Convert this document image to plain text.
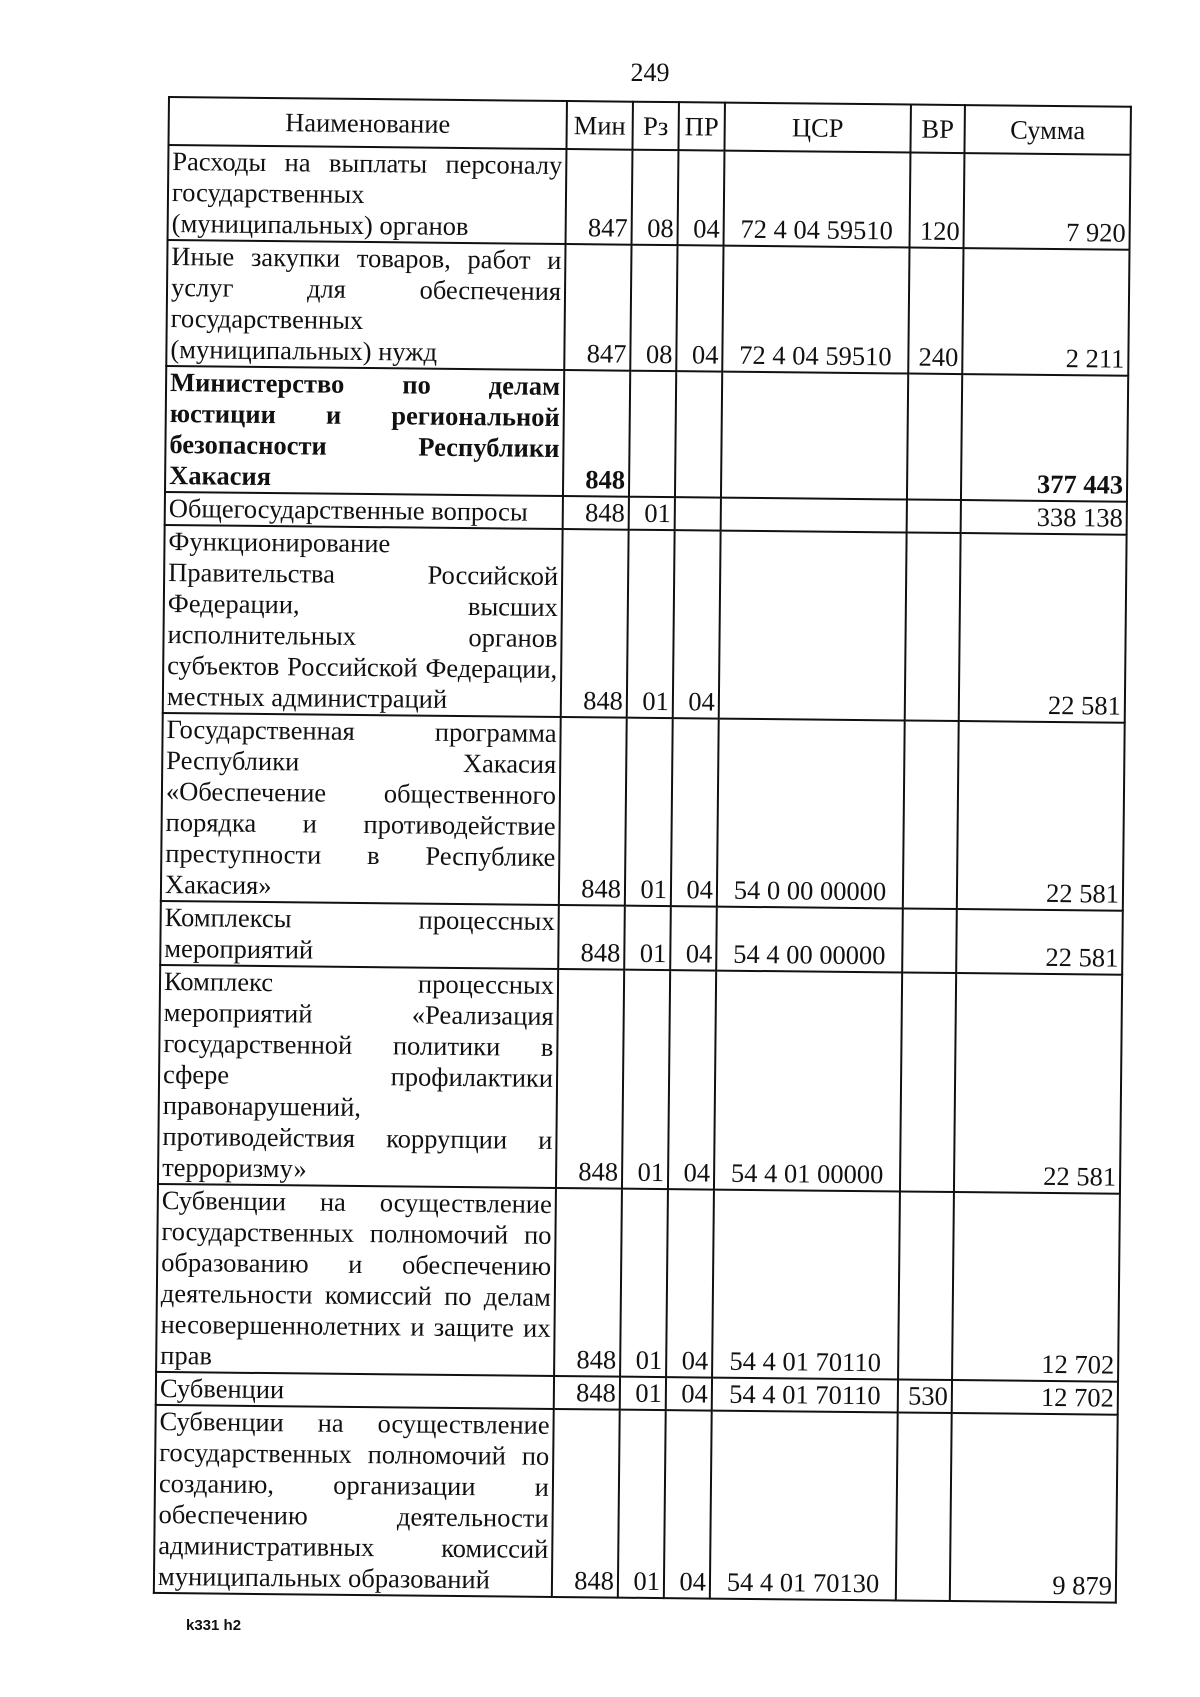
249
Наименование	Мин	Рз	ПР	ЦСР	ВР	Сумма
Расходы на выплаты персоналу государственных (муниципальных) органов	847	08	04	72 4 04 59510	120	7 920
Иные закупки товаров, работ и услуг для обеспечения государственных (муниципальных) нужд	847	08	04	72 4 04 59510	240	2 211
Министерство по делам юстиции и региональной безопасности Республики Хакасия	848					377 443
Общегосударственные вопросы	848	01				338 138
Функционирование Правительства Российской Федерации, высших исполнительных органов субъектов Российской Федерации, местных администраций	848	01	04			22 581
Государственная программа Республики Хакасия «Обеспечение общественного порядка и противодействие преступности в Республике Хакасия»	848	01	04	54 0 00 00000		22 581
Комплексы процессных мероприятий	848	01	04	54 4 00 00000		22 581
Комплекс процессных мероприятий «Реализация государственной политики в сфере профилактики правонарушений, противодействия коррупции и терроризму»	848	01	04	54 4 01 00000		22 581
Субвенции на осуществление государственных полномочий по образованию и обеспечению деятельности комиссий по делам несовершеннолетних и защите их прав	848	01	04	54 4 01 70110		12 702
Субвенции	848	01	04	54 4 01 70110	530	12 702
Субвенции на осуществление государственных полномочий по созданию, организации и обеспечению деятельности административных комиссий муниципальных образований	848	01	04	54 4 01 70130		9 879
k331 h2
